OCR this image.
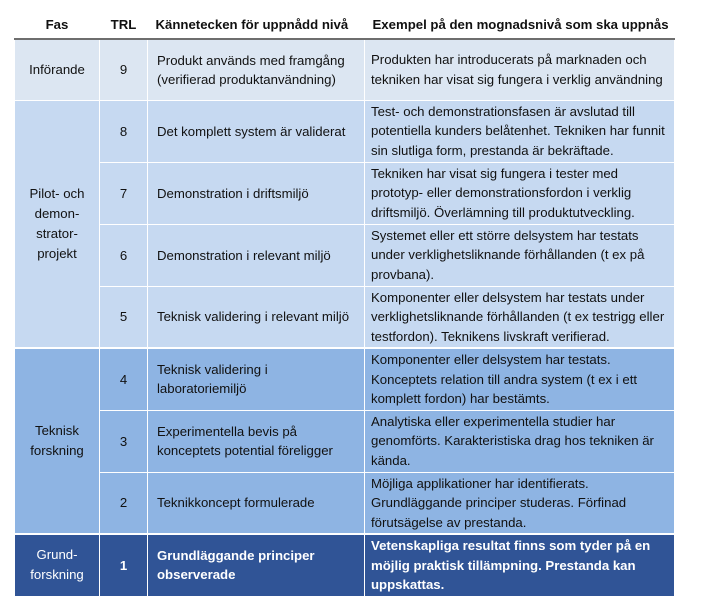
Fas	TRL	Kännetecken för uppnådd nivå	Exempel på den mognadsnivå som ska uppnås
Införande	9	Produkt används med framgång (verifierad produktanvändning)	Produkten har introducerats på marknaden och tekniken har visat sig fungera i verklig användning
Pilot- och demon-strator-projekt	8	Det komplett system är validerat	Test- och demonstrationsfasen är avslutad till potentiella kunders belåtenhet. Tekniken har funnit sin slutliga form, prestanda är bekräftade.
	7	Demonstration i driftsmiljö	Tekniken har visat sig fungera i tester med prototyp- eller demonstrationsfordon i verklig driftsmiljö. Överlämning till produktutveckling.
	6	Demonstration i relevant miljö	Systemet eller ett större delsystem har testats under verklighetsliknande förhållanden (t ex på provbana).
	5	Teknisk validering i relevant miljö	Komponenter eller delsystem har testats under verklighetsliknande förhållanden (t ex testrigg eller testfordon). Teknikens livskraft verifierad.
Teknisk forskning	4	Teknisk validering i laboratoriemiljö	Komponenter eller delsystem har testats. Konceptets relation till andra system (t ex i ett komplett fordon) har bestämts.
	3	Experimentella bevis på konceptets potential föreligger	Analytiska eller experimentella studier har genomförts. Karakteristiska drag hos tekniken är kända.
	2	Teknikkoncept formulerade	Möjliga applikationer har identifierats. Grundläggande principer studeras. Förfinad förutsägelse av prestanda.
Grund-forskning	1	Grundläggande principer observerade	Vetenskapliga resultat finns som tyder på en möjlig praktisk tillämpning. Prestanda kan uppskattas.
